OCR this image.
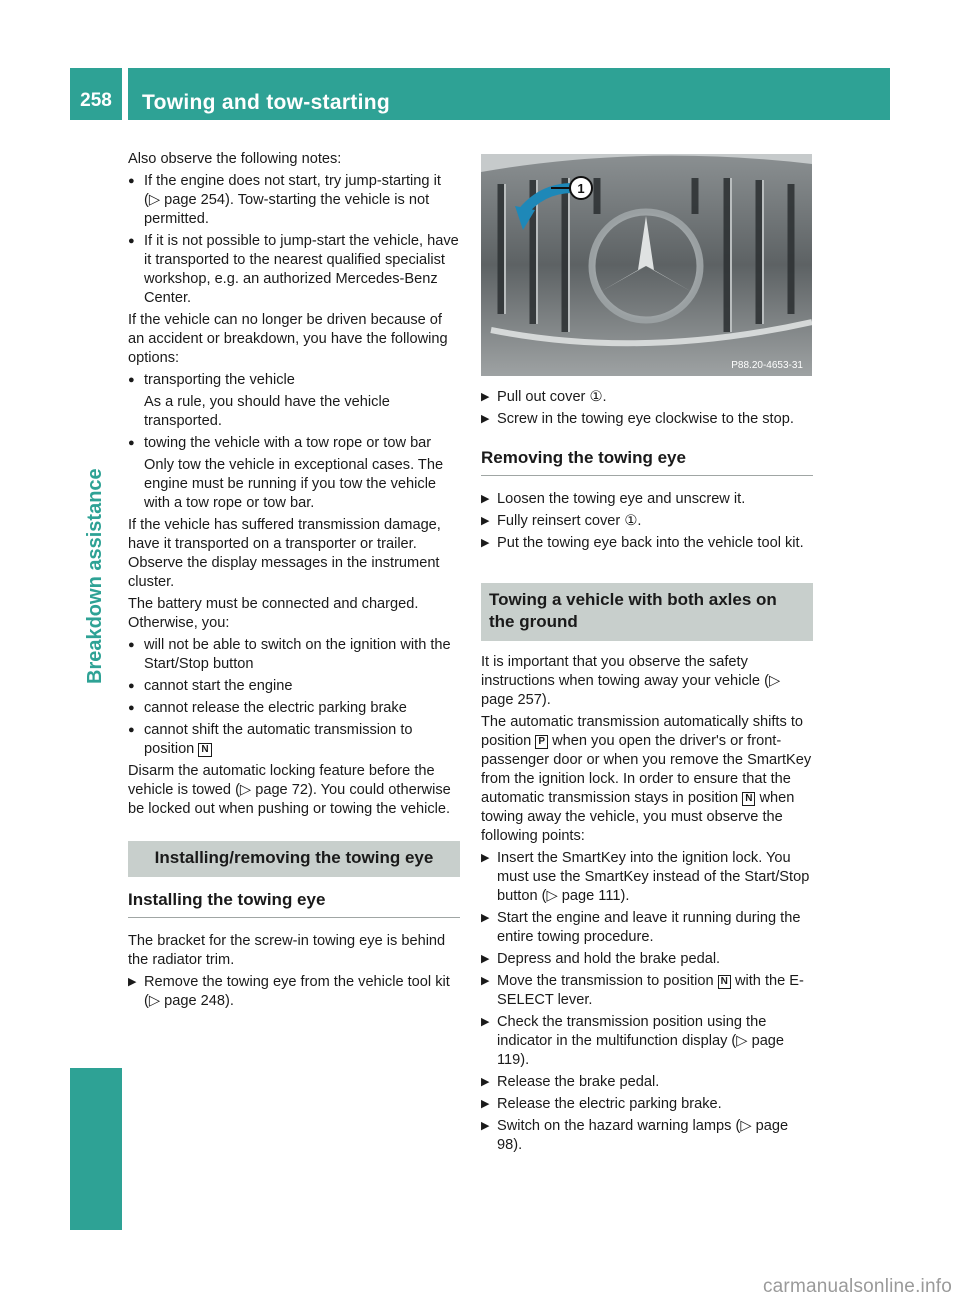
258	Towing and tow-starting
Breakdown assistance

Also observe the following notes:

● If the engine does not start, try jump-starting it (▷ page 254). Tow-starting the vehicle is not permitted.
● If it is not possible to jump-start the vehicle, have it transported to the nearest qualified specialist workshop, e.g. an authorized Mercedes-Benz Center.

If the vehicle can no longer be driven because of an accident or breakdown, you have the following options:

● transporting the vehicle

As a rule, you should have the vehicle transported.

● towing the vehicle with a tow rope or tow bar

Only tow the vehicle in exceptional cases. The engine must be running if you tow the vehicle with a tow rope or tow bar.

If the vehicle has suffered transmission damage, have it transported on a transporter or trailer. Observe the display messages in the instrument cluster.

The battery must be connected and charged. Otherwise, you:

● will not be able to switch on the ignition with the Start/Stop button
● cannot start the engine
● cannot release the electric parking brake
● cannot shift the automatic transmission to position N

Disarm the automatic locking feature before the vehicle is towed (▷ page 72). You could otherwise be locked out when pushing or towing the vehicle.

Installing/removing the towing eye
Installing the towing eye

The bracket for the screw-in towing eye is behind the radiator trim.

▶ Remove the towing eye from the vehicle tool kit (▷ page 248).
1
P88.20-4653-31
▶ Pull out cover ①.
▶ Screw in the towing eye clockwise to the stop.
Removing the towing eye
▶ Loosen the towing eye and unscrew it.
▶ Fully reinsert cover ①.
▶ Put the towing eye back into the vehicle tool kit.
Towing a vehicle with both axles on the ground

It is important that you observe the safety instructions when towing away your vehicle (▷ page 257).

The automatic transmission automatically shifts to position P when you open the driver's or front-passenger door or when you remove the SmartKey from the ignition lock. In order to ensure that the automatic transmission stays in position N when towing away the vehicle, you must observe the following points:

▶ Insert the SmartKey into the ignition lock. You must use the SmartKey instead of the Start/Stop button (▷ page 111).
▶ Start the engine and leave it running during the entire towing procedure.
▶ Depress and hold the brake pedal.
▶ Move the transmission to position N with the E-SELECT lever.
▶ Check the transmission position using the indicator in the multifunction display (▷ page 119).
▶ Release the brake pedal.
▶ Release the electric parking brake.
▶ Switch on the hazard warning lamps (▷ page 98).
carmanualsonline.info
